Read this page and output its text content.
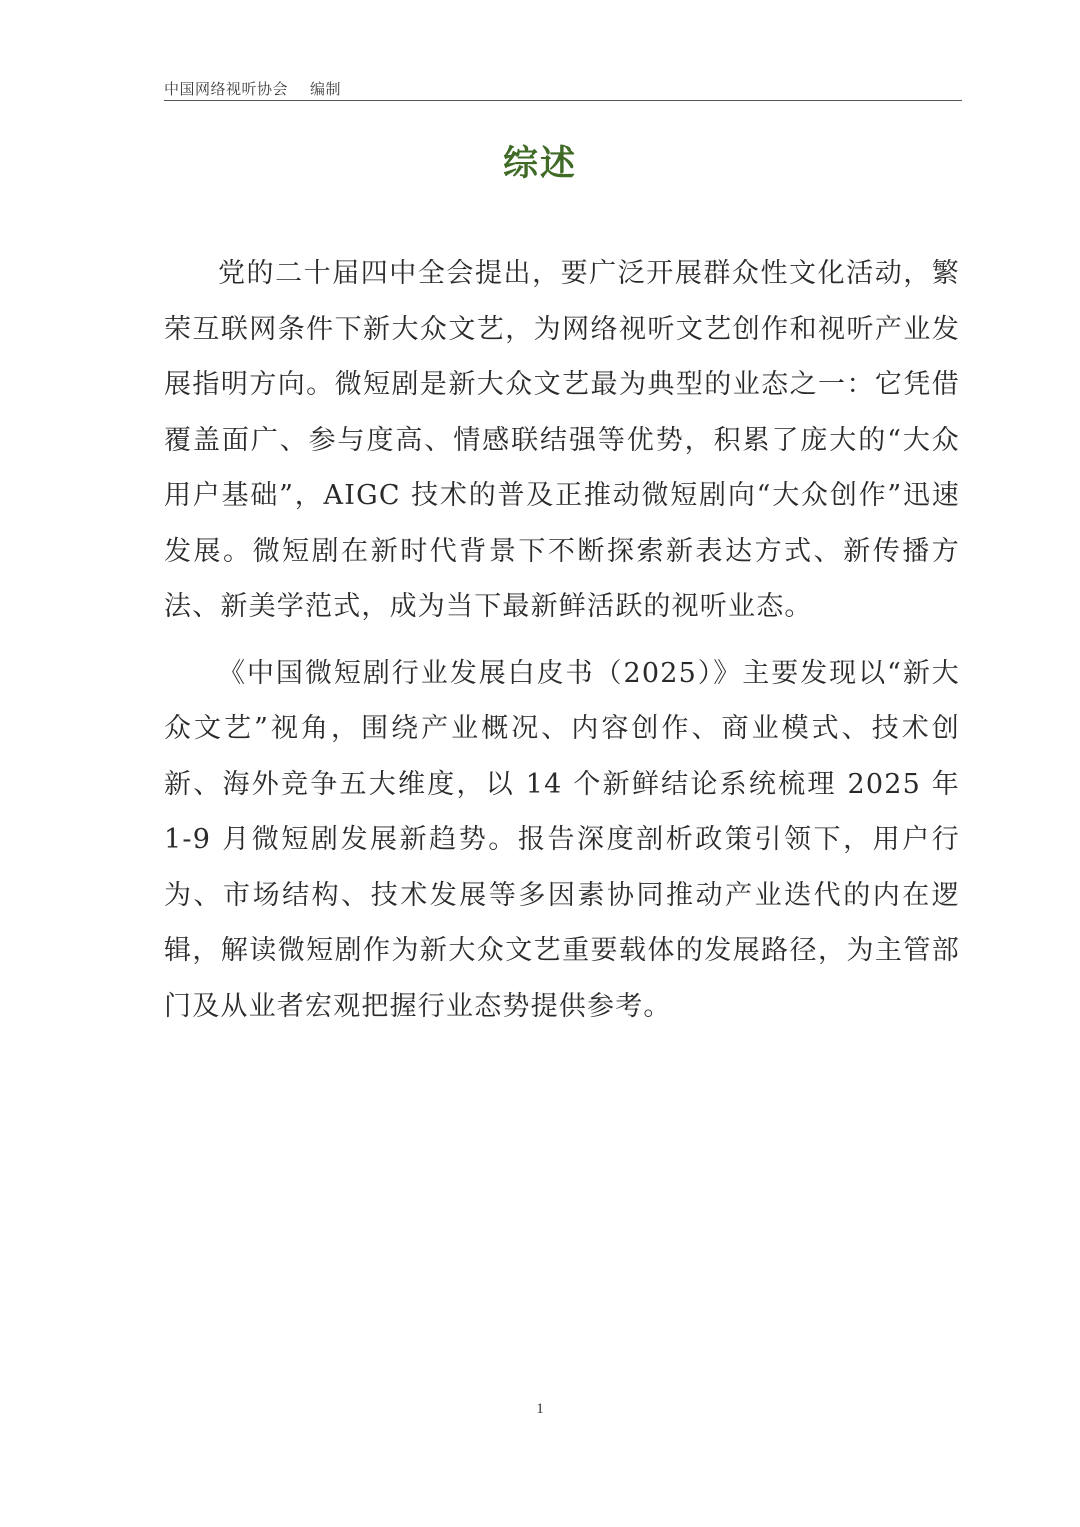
中国网络视听协会 编制
综述

党的二十届四中全会提出，要广泛开展群众性文化活动，繁荣互联网条件下新大众文艺，为网络视听文艺创作和视听产业发展指明方向。微短剧是新大众文艺最为典型的业态之一：它凭借覆盖面广、参与度高、情感联结强等优势，积累了庞大的“大众用户基础”，AIGC 技术的普及正推动微短剧向“大众创作”迅速发展。微短剧在新时代背景下不断探索新表达方式、新传播方法、新美学范式，成为当下最新鲜活跃的视听业态。

《中国微短剧行业发展白皮书（2025）》主要发现以“新大众文艺”视角，围绕产业概况、内容创作、商业模式、技术创新、海外竞争五大维度，以 14 个新鲜结论系统梳理 2025 年 1-9 月微短剧发展新趋势。报告深度剖析政策引领下，用户行为、市场结构、技术发展等多因素协同推动产业迭代的内在逻辑，解读微短剧作为新大众文艺重要载体的发展路径，为主管部门及从业者宏观把握行业态势提供参考。

1
